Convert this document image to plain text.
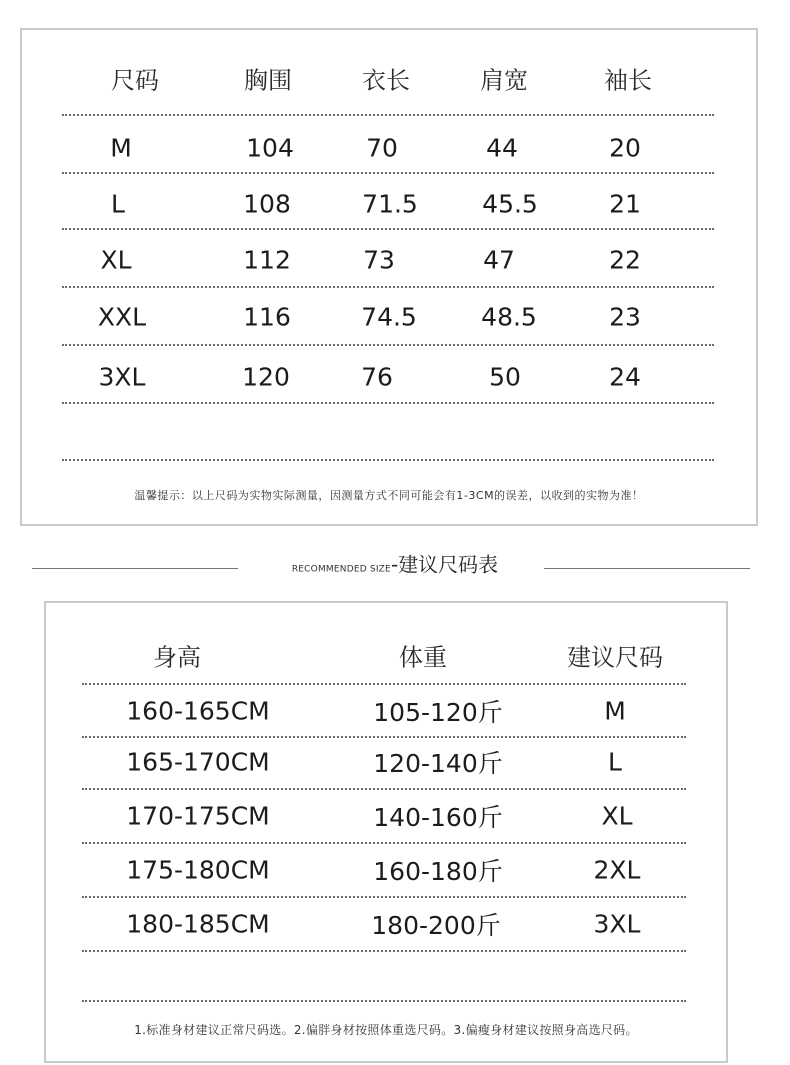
尺码	胸围	衣长	肩宽	袖长
M	104	70	44	20
L	108	71.5	45.5	21
XL	112	73	47	22
XXL	116	74.5	48.5	23
3XL	120	76	50	24
温馨提示：以上尺码为实物实际测量，因测量方式不同可能会有1-3CM的误差，以收到的实物为准！
RECOMMENDED SIZE -建议尺码表
身高	体重	建议尺码
160-165CM	105-120斤	M
165-170CM	120-140斤	L
170-175CM	140-160斤	XL
175-180CM	160-180斤	2XL
180-185CM	180-200斤	3XL
1.标准身材建议正常尺码选。2.偏胖身材按照体重选尺码。3.偏瘦身材建议按照身高选尺码。
